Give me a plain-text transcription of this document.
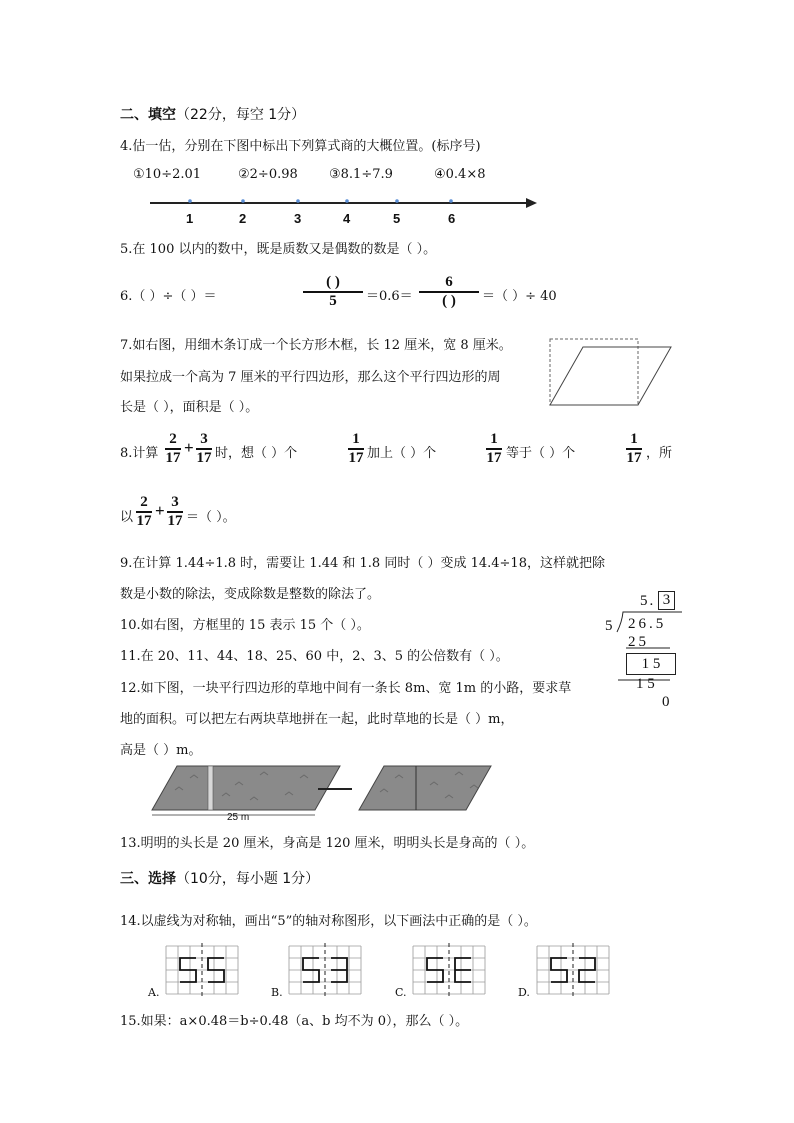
二、填空（22分，每空 1分）
4.估一估，分别在下图中标出下列算式商的大概位置。(标序号)
①10÷2.01	②2÷0.98 ③8.1÷7.9	④0.4×8
1	2	3	4	5	6
5.在 100 以内的数中，既是质数又是偶数的数是（ ）。
6.（ ）÷（ ）＝
( )
5	＝0.6＝
6
( )	＝（ ）÷ 40
7.如右图，用细木条订成一个长方形木框，长 12 厘米，宽 8 厘米。
如果拉成一个高为 7 厘米的平行四边形，那么这个平行四边形的周
长是（ ），面积是（ ）。
8.计算
2
17
+ 3
17 时，想（ ）个
1
17 加上（ ）个
1
17 等于（ ）个
1
17 ，所
以
2
17
+ 3
17 ＝（ ）。
9.在计算 1.44÷1.8 时，需要让 1.44 和 1.8 同时（ ）变成 14.4÷18，这样就把除
数是小数的除法，变成除数是整数的除法了。
10.如右图，方框里的 15 表示 15 个（ ）。
11.在 20、11、44、18、25、60 中，2、3、5 的公倍数有（ ）。
5. 3
5 26.5
25
1 5
1 5
0
12.如下图，一块平行四边形的草地中间有一条长 8m、宽 1m 的小路，要求草
地的面积。可以把左右两块草地拼在一起，此时草地的长是（ ）m，
高是（ ）m。
25 m
13.明明的头长是 20 厘米，身高是 120 厘米，明明头长是身高的（ ）。
三、选择（10分，每小题 1分）
14.以虚线为对称轴，画出“5”的轴对称图形，以下画法中正确的是（ ）。
A.	B.	C.	D.
15.如果：a×0.48＝b÷0.48（a、b 均不为 0），那么（ ）。
